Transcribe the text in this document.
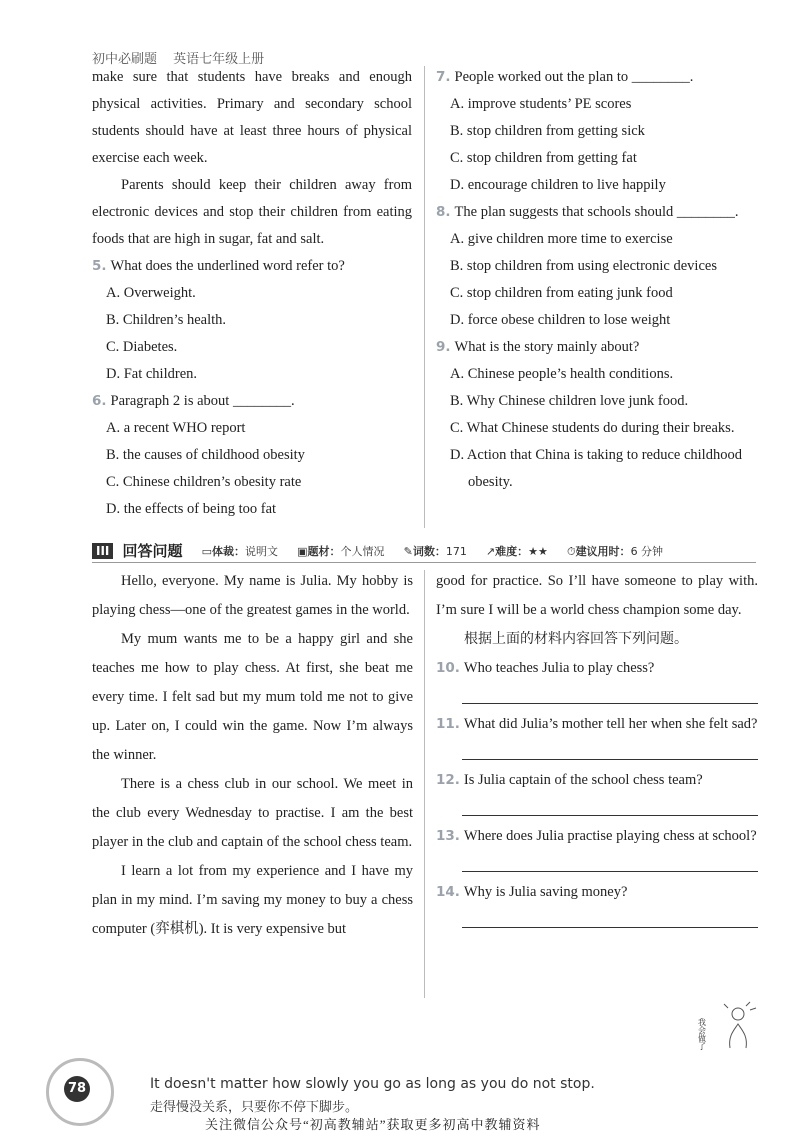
初中必刷题 英语七年级上册

make sure that students have breaks and enough physical activities. Primary and secondary school students should have at least three hours of physical exercise each week.

Parents should keep their children away from electronic devices and stop their children from eating foods that are high in sugar, fat and salt.

5. What does the underlined word refer to?

A. Overweight.
B. Children’s health.
C. Diabetes.
D. Fat children.

6. Paragraph 2 is about ________.

A. a recent WHO report
B. the causes of childhood obesity
C. Chinese children’s obesity rate
D. the effects of being too fat

7. People worked out the plan to ________.

A. improve students’ PE scores
B. stop children from getting sick
C. stop children from getting fat
D. encourage children to live happily

8. The plan suggests that schools should ________.

A. give children more time to exercise
B. stop children from using electronic devices
C. stop children from eating junk food
D. force obese children to lose weight

9. What is the story mainly about?

A. Chinese people’s health conditions.
B. Why Chinese children love junk food.
C. What Chinese students do during their breaks.
D. Action that China is taking to reduce childhood obesity.
III 回答问题 ▭体裁：说明文 ▣题材：个人情况 ✎词数：171 ↗难度：★★ ⏱建议用时：6 分钟

Hello, everyone. My name is Julia. My hobby is playing chess—one of the greatest games in the world.

My mum wants me to be a happy girl and she teaches me how to play chess. At first, she beat me every time. I felt sad but my mum told me not to give up. Later on, I could win the game. Now I’m always the winner.

There is a chess club in our school. We meet in the club every Wednesday to practise. I am the best player in the club and captain of the school chess team.

I learn a lot from my experience and I have my plan in my mind. I’m saving my money to buy a chess computer (弈棋机). It is very expensive but

good for practice. So I’ll have someone to play with. I’m sure I will be a world chess champion some day.

根据上面的材料内容回答下列问题。

10. Who teaches Julia to play chess?

11. What did Julia’s mother tell her when she felt sad?

12. Is Julia captain of the school chess team?

13. Where does Julia practise playing chess at school?

14. Why is Julia saving money?

我会做了
78	It doesn't matter how slowly you go as long as you do not stop.
走得慢没关系，只要你不停下脚步。
关注微信公众号“初高教辅站”获取更多初高中教辅资料
